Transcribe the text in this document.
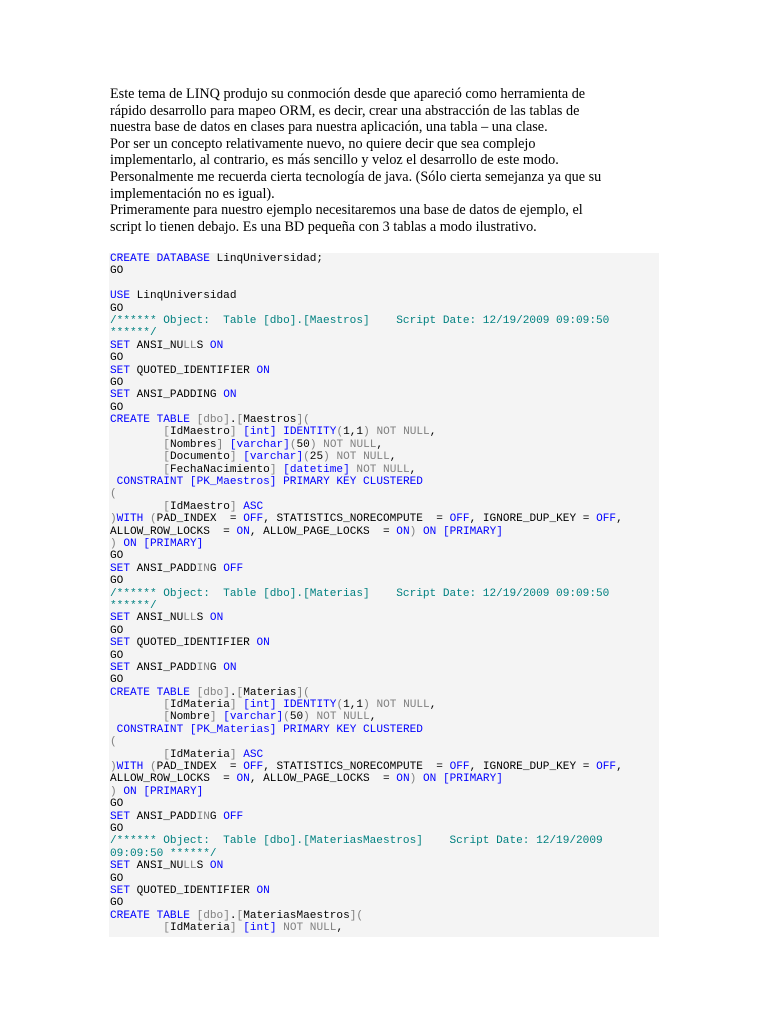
Este tema de LINQ produjo su conmoción desde que apareció como herramienta de

rápido desarrollo para mapeo ORM, es decir, crear una abstracción de las tablas de

nuestra base de datos en clases para nuestra aplicación, una tabla – una clase.

Por ser un concepto relativamente nuevo, no quiere decir que sea complejo

implementarlo, al contrario, es más sencillo y veloz el desarrollo de este modo.

Personalmente me recuerda cierta tecnología de java. (Sólo cierta semejanza ya que su

implementación no es igual).

Primeramente para nuestro ejemplo necesitaremos una base de datos de ejemplo, el

script lo tienen debajo. Es una BD pequeña con 3 tablas a modo ilustrativo.

CREATE DATABASE LinqUniversidad;
GO
USE LinqUniversidad
GO
/****** Object:  Table [dbo].[Maestros]    Script Date: 12/19/2009 09:09:50
******/
SET ANSI_NULLS ON
GO
SET QUOTED_IDENTIFIER ON
GO
SET ANSI_PADDING ON
GO
CREATE TABLE [dbo].[Maestros](
[IdMaestro] [int] IDENTITY(1,1) NOT NULL,
[Nombres] [varchar](50) NOT NULL,
[Documento] [varchar](25) NOT NULL,
[FechaNacimiento] [datetime] NOT NULL,
CONSTRAINT [PK_Maestros] PRIMARY KEY CLUSTERED
(
[IdMaestro] ASC
)WITH (PAD_INDEX  = OFF, STATISTICS_NORECOMPUTE  = OFF, IGNORE_DUP_KEY = OFF,
ALLOW_ROW_LOCKS  = ON, ALLOW_PAGE_LOCKS  = ON) ON [PRIMARY]
) ON [PRIMARY]
GO
SET ANSI_PADDING OFF
GO
/****** Object:  Table [dbo].[Materias]    Script Date: 12/19/2009 09:09:50
******/
SET ANSI_NULLS ON
GO
SET QUOTED_IDENTIFIER ON
GO
SET ANSI_PADDING ON
GO
CREATE TABLE [dbo].[Materias](
[IdMateria] [int] IDENTITY(1,1) NOT NULL,
[Nombre] [varchar](50) NOT NULL,
CONSTRAINT [PK_Materias] PRIMARY KEY CLUSTERED
(
[IdMateria] ASC
)WITH (PAD_INDEX  = OFF, STATISTICS_NORECOMPUTE  = OFF, IGNORE_DUP_KEY = OFF,
ALLOW_ROW_LOCKS  = ON, ALLOW_PAGE_LOCKS  = ON) ON [PRIMARY]
) ON [PRIMARY]
GO
SET ANSI_PADDING OFF
GO
/****** Object:  Table [dbo].[MateriasMaestros]    Script Date: 12/19/2009
09:09:50 ******/
SET ANSI_NULLS ON
GO
SET QUOTED_IDENTIFIER ON
GO
CREATE TABLE [dbo].[MateriasMaestros](
[IdMateria] [int] NOT NULL,
